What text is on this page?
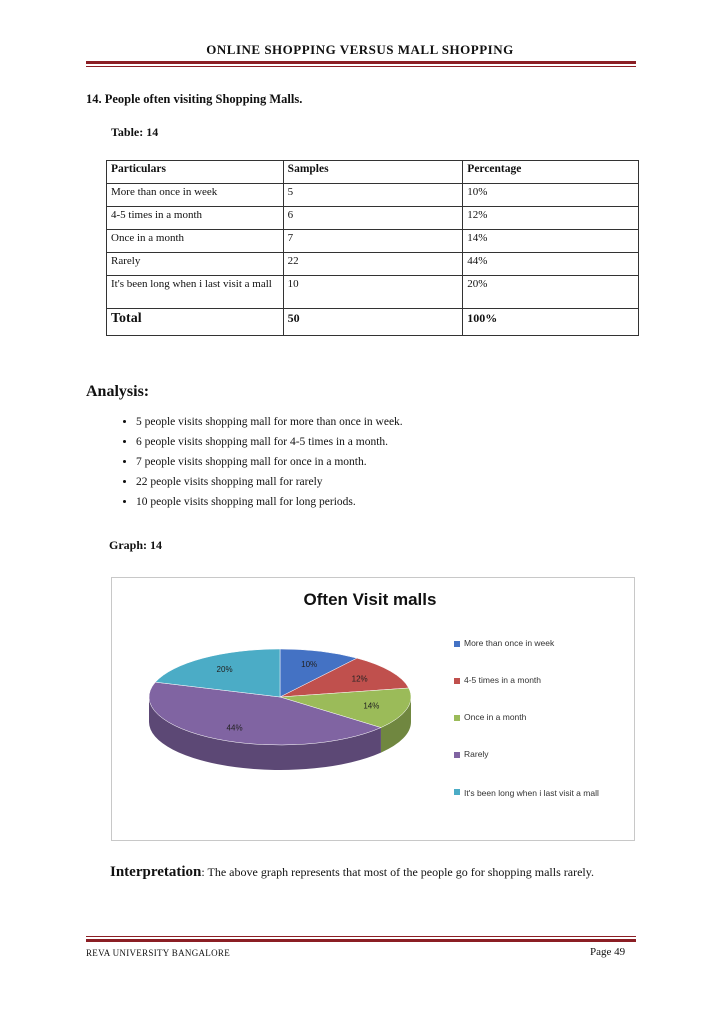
ONLINE SHOPPING VERSUS MALL SHOPPING
14. People often visiting Shopping Malls.
Table: 14
Particulars	Samples	Percentage
More than once in week	5	10%
4-5 times in a month	6	12%
Once in a month	7	14%
Rarely	22	44%
It's been long when i last visit a mall	10	20%
Total	50	100%
Analysis:
• 5 people visits shopping mall for more than once in week.
• 6 people visits shopping mall for 4-5 times in a month.
• 7 people visits shopping mall for once in a month.
• 22 people visits shopping mall for rarely
• 10 people visits shopping mall for long periods.
Graph: 14
Often Visit malls
10%
12%
14%
44%
20%
More than once in week
4-5 times in a month
Once in a month
Rarely
It's been long when i last visit a mall
Interpretation: The above graph represents that most of the people go for shopping malls rarely.
REVA UNIVERSITY BANGALORE	Page 49
